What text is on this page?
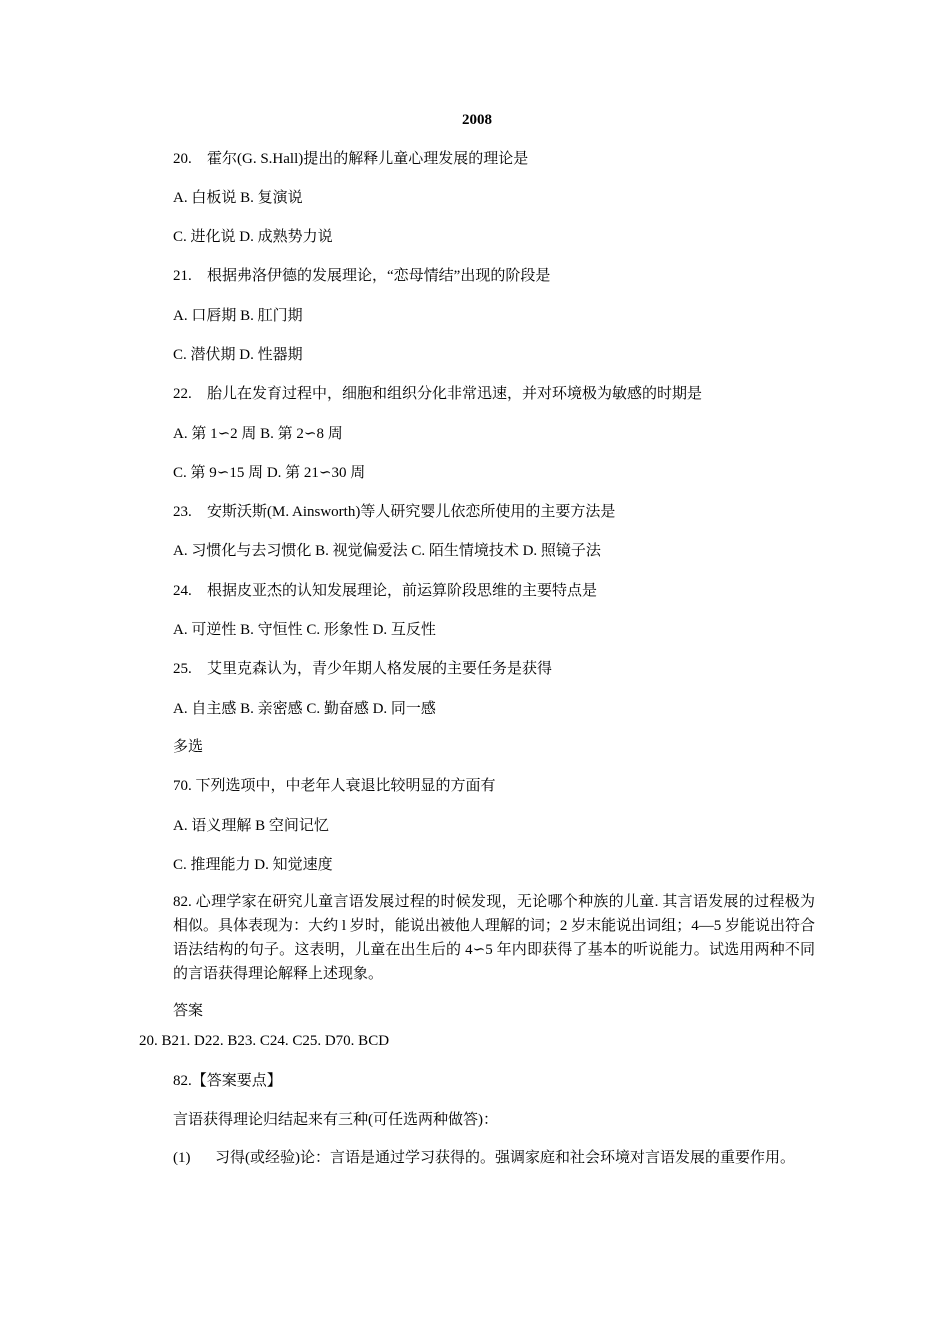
2008
20. 霍尔(G. S.Hall)提出的解释儿童心理发展的理论是
A. 白板说 B. 复演说
C. 进化说 D. 成熟势力说
21. 根据弗洛伊德的发展理论，“恋母情结”出现的阶段是
A. 口唇期 B. 肛门期
C. 潜伏期 D. 性器期
22. 胎儿在发育过程中，细胞和组织分化非常迅速，并对环境极为敏感的时期是
A. 第 1∽2 周 B. 第 2∽8 周
C. 第 9∽15 周 D. 第 21∽30 周
23. 安斯沃斯(M. Ainsworth)等人研究婴儿依恋所使用的主要方法是
A. 习惯化与去习惯化 B. 视觉偏爱法 C. 陌生情境技术 D. 照镜子法
24. 根据皮亚杰的认知发展理论，前运算阶段思维的主要特点是
A. 可逆性 B. 守恒性 C. 形象性 D. 互反性
25. 艾里克森认为，青少年期人格发展的主要任务是获得
A. 自主感 B. 亲密感 C. 勤奋感 D. 同一感
多选
70. 下列选项中，中老年人衰退比较明显的方面有
A. 语义理解 B 空间记忆
C. 推理能力 D. 知觉速度
82. 心理学家在研究儿童言语发展过程的时候发现，无论哪个种族的儿童. 其言语发展的过程极为相似。具体表现为：大约 l 岁时，能说出被他人理解的词；2 岁末能说出词组；4—5 岁能说出符合语法结构的句子。这表明，儿童在出生后的 4∽5 年内即获得了基本的听说能力。试选用两种不同的言语获得理论解释上述现象。
答案
20. B21. D22. B23. C24. C25. D70. BCD
82.【答案要点】
言语获得理论归结起来有三种(可任选两种做答)：
(1) 习得(或经验)论：言语是通过学习获得的。强调家庭和社会环境对言语发展的重要作用。
